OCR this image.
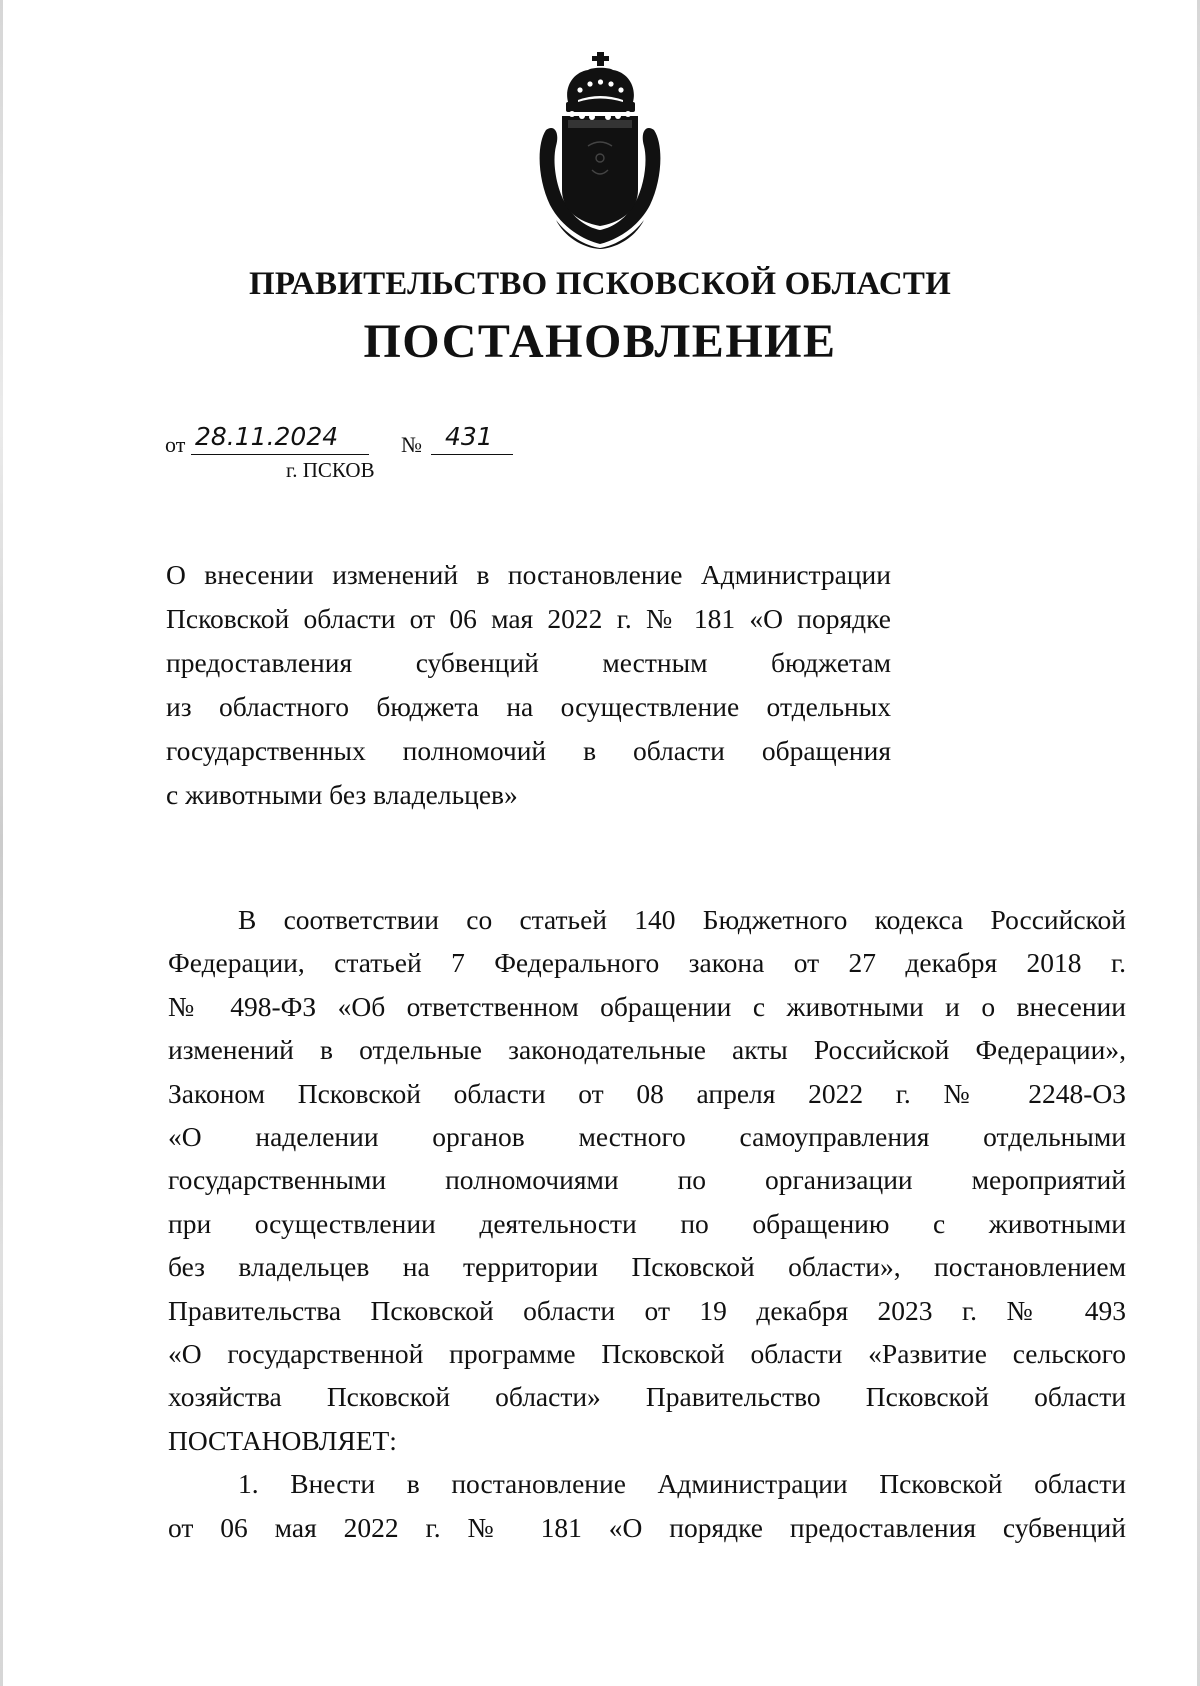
ПРАВИТЕЛЬСТВО ПСКОВСКОЙ ОБЛАСТИ
ПОСТАНОВЛЕНИЕ
от 28.11.2024	№ 431
г. ПСКОВ
О внесении изменений в постановление Администрации
Псковской области от 06 мая 2022 г. № 181 «О порядке
предоставления субвенций местным бюджетам
из областного бюджета на осуществление отдельных
государственных полномочий в области обращения
с животными без владельцев»
В соответствии со статьей 140 Бюджетного кодекса Российской
Федерации, статьей 7 Федерального закона от 27 декабря 2018 г.
№ 498-ФЗ «Об ответственном обращении с животными и о внесении
изменений в отдельные законодательные акты Российской Федерации»,
Законом Псковской области от 08 апреля 2022 г. № 2248-ОЗ
«О наделении органов местного самоуправления отдельными
государственными полномочиями по организации мероприятий
при осуществлении деятельности по обращению с животными
без владельцев на территории Псковской области», постановлением
Правительства Псковской области от 19 декабря 2023 г. № 493
«О государственной программе Псковской области «Развитие сельского
хозяйства Псковской области» Правительство Псковской области
ПОСТАНОВЛЯЕТ:
1. Внести в постановление Администрации Псковской области
от 06 мая 2022 г. № 181 «О порядке предоставления субвенций
